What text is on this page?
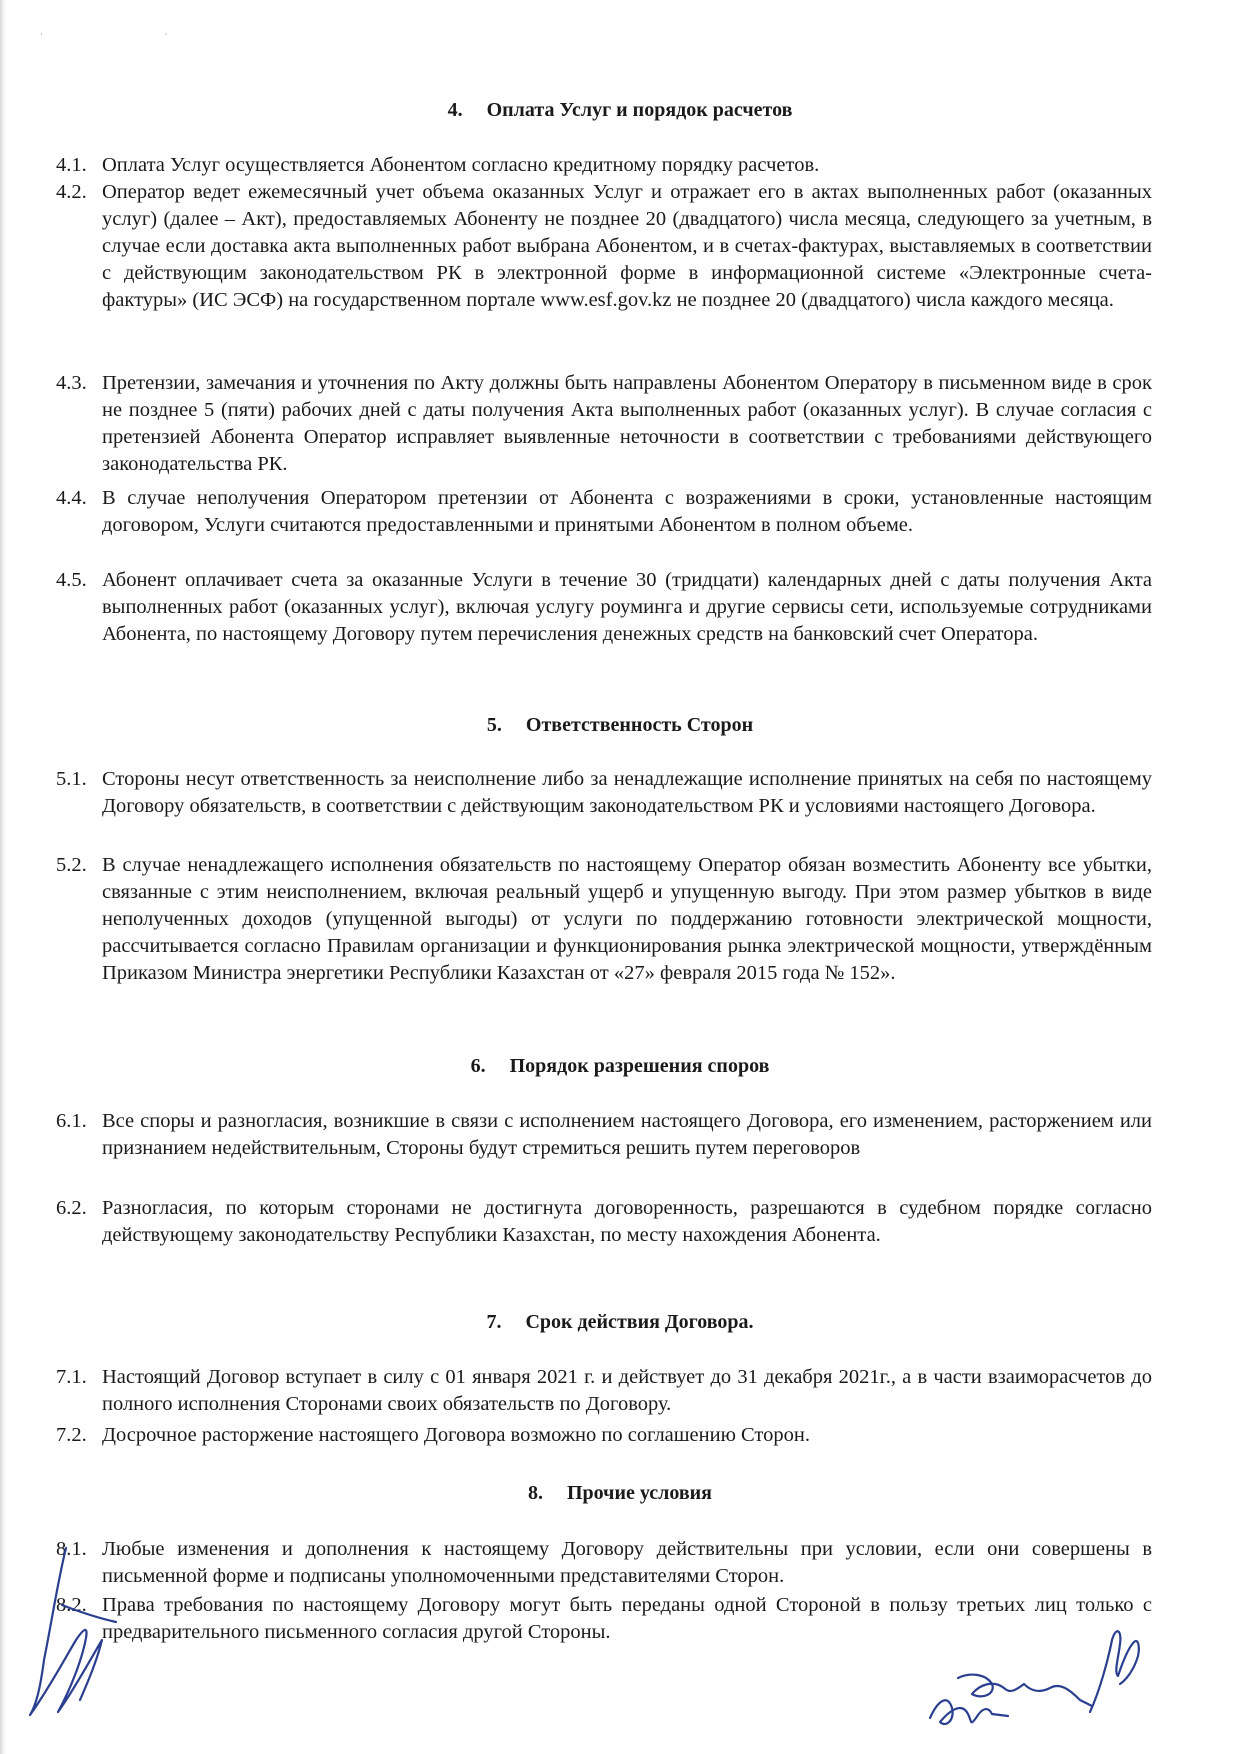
· ·
4. Оплата Услуг и порядок расчетов
4.1. Оплата Услуг осуществляется Абонентом согласно кредитному порядку расчетов.
4.2. Оператор ведет ежемесячный учет объема оказанных Услуг и отражает его в актах выполненных работ (оказанных услуг) (далее – Акт), предоставляемых Абоненту не позднее 20 (двадцатого) числа месяца, следующего за учетным, в случае если доставка акта выполненных работ выбрана Абонентом, и в счетах-фактурах, выставляемых в соответствии с действующим законодательством РК в электронной форме в информационной системе «Электронные счета-фактуры» (ИС ЭСФ) на государственном портале www.esf.gov.kz не позднее 20 (двадцатого) числа каждого месяца.
4.3. Претензии, замечания и уточнения по Акту должны быть направлены Абонентом Оператору в письменном виде в срок не позднее 5 (пяти) рабочих дней с даты получения Акта выполненных работ (оказанных услуг). В случае согласия с претензией Абонента Оператор исправляет выявленные неточности в соответствии с требованиями действующего законодательства РК.
4.4. В случае неполучения Оператором претензии от Абонента с возражениями в сроки, установленные настоящим договором, Услуги считаются предоставленными и принятыми Абонентом в полном объеме.
4.5. Абонент оплачивает счета за оказанные Услуги в течение 30 (тридцати) календарных дней с даты получения Акта выполненных работ (оказанных услуг), включая услугу роуминга и другие сервисы сети, используемые сотрудниками Абонента, по настоящему Договору путем перечисления денежных средств на банковский счет Оператора.
5. Ответственность Сторон
5.1. Стороны несут ответственность за неисполнение либо за ненадлежащие исполнение принятых на себя по настоящему Договору обязательств, в соответствии с действующим законодательством РК и условиями настоящего Договора.
5.2. В случае ненадлежащего исполнения обязательств по настоящему Оператор обязан возместить Абоненту все убытки, связанные с этим неисполнением, включая реальный ущерб и упущенную выгоду. При этом размер убытков в виде неполученных доходов (упущенной выгоды) от услуги по поддержанию готовности электрической мощности, рассчитывается согласно Правилам организации и функционирования рынка электрической мощности, утверждённым Приказом Министра энергетики Республики Казахстан от «27» февраля 2015 года № 152».
6. Порядок разрешения споров
6.1. Все споры и разногласия, возникшие в связи с исполнением настоящего Договора, его изменением, расторжением или признанием недействительным, Стороны будут стремиться решить путем переговоров
6.2. Разногласия, по которым сторонами не достигнута договоренность, разрешаются в судебном порядке согласно действующему законодательству Республики Казахстан, по месту нахождения Абонента.
7. Срок действия Договора.
7.1. Настоящий Договор вступает в силу с 01 января 2021 г. и действует до 31 декабря 2021г., а в части взаиморасчетов до полного исполнения Сторонами своих обязательств по Договору.
7.2. Досрочное расторжение настоящего Договора возможно по соглашению Сторон.
8. Прочие условия
8.1. Любые изменения и дополнения к настоящему Договору действительны при условии, если они совершены в письменной форме и подписаны уполномоченными представителями Сторон.
8.2. Права требования по настоящему Договору могут быть переданы одной Стороной в пользу третьих лиц только с предварительного письменного согласия другой Стороны.
